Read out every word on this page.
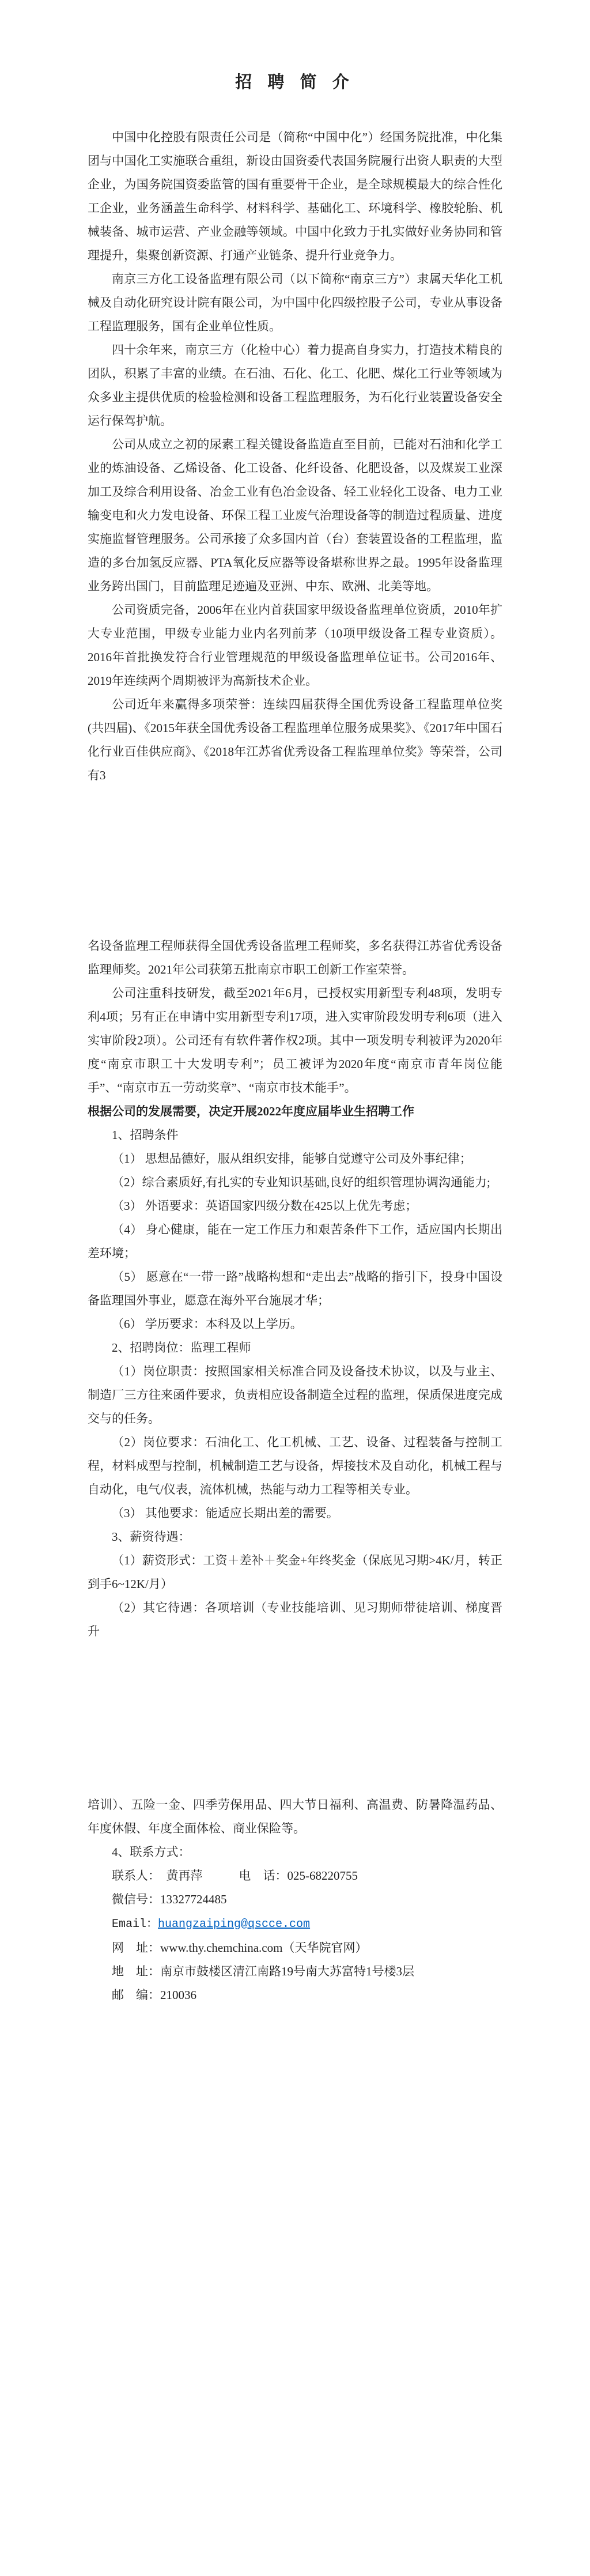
招 聘 简 介
中国中化控股有限责任公司是（简称“中国中化”）经国务院批准，中化集团与中国化工实施联合重组，新设由国资委代表国务院履行出资人职责的大型企业，为国务院国资委监管的国有重要骨干企业，是全球规模最大的综合性化工企业，业务涵盖生命科学、材料科学、基础化工、环境科学、橡胶轮胎、机械装备、城市运营、产业金融等领域。中国中化致力于扎实做好业务协同和管理提升，集聚创新资源、打通产业链条、提升行业竞争力。
南京三方化工设备监理有限公司（以下简称“南京三方”）隶属天华化工机械及自动化研究设计院有限公司，为中国中化四级控股子公司，专业从事设备工程监理服务，国有企业单位性质。
四十余年来，南京三方（化检中心）着力提高自身实力，打造技术精良的团队，积累了丰富的业绩。在石油、石化、化工、化肥、煤化工行业等领域为众多业主提供优质的检验检测和设备工程监理服务，为石化行业装置设备安全运行保驾护航。
公司从成立之初的尿素工程关键设备监造直至目前，已能对石油和化学工业的炼油设备、乙烯设备、化工设备、化纤设备、化肥设备，以及煤炭工业深加工及综合利用设备、冶金工业有色冶金设备、轻工业轻化工设备、电力工业输变电和火力发电设备、环保工程工业废气治理设备等的制造过程质量、进度实施监督管理服务。公司承接了众多国内首（台）套装置设备的工程监理，监造的多台加氢反应器、PTA氧化反应器等设备堪称世界之最。1995年设备监理业务跨出国门，目前监理足迹遍及亚洲、中东、欧洲、北美等地。
公司资质完备，2006年在业内首获国家甲级设备监理单位资质，2010年扩大专业范围，甲级专业能力业内名列前茅（10项甲级设备工程专业资质）。2016年首批换发符合行业管理规范的甲级设备监理单位证书。公司2016年、2019年连续两个周期被评为高新技术企业。
公司近年来赢得多项荣誉：连续四届获得全国优秀设备工程监理单位奖(共四届)、《2015年获全国优秀设备工程监理单位服务成果奖》、《2017年中国石化行业百佳供应商》、《2018年江苏省优秀设备工程监理单位奖》等荣誉，公司有3
名设备监理工程师获得全国优秀设备监理工程师奖，多名获得江苏省优秀设备监理师奖。2021年公司获第五批南京市职工创新工作室荣誉。
公司注重科技研发，截至2021年6月，已授权实用新型专利48项，发明专利4项；另有正在申请中实用新型专利17项，进入实审阶段发明专利6项（进入实审阶段2项）。公司还有有软件著作权2项。其中一项发明专利被评为2020年度“南京市职工十大发明专利”；员工被评为2020年度“南京市青年岗位能手”、“南京市五一劳动奖章”、“南京市技术能手”。
根据公司的发展需要，决定开展2022年度应届毕业生招聘工作
1、招聘条件
（1） 思想品德好，服从组织安排，能够自觉遵守公司及外事纪律；
（2）综合素质好,有扎实的专业知识基础,良好的组织管理协调沟通能力;
（3） 外语要求：英语国家四级分数在425以上优先考虑；
（4） 身心健康，能在一定工作压力和艰苦条件下工作，适应国内长期出差环境；
（5） 愿意在“一带一路”战略构想和“走出去”战略的指引下，投身中国设备监理国外事业，愿意在海外平台施展才华；
（6） 学历要求：本科及以上学历。
2、招聘岗位：监理工程师
（1）岗位职责：按照国家相关标准合同及设备技术协议，以及与业主、制造厂三方往来函件要求，负责相应设备制造全过程的监理，保质保进度完成交与的任务。
（2）岗位要求：石油化工、化工机械、工艺、设备、过程装备与控制工程，材料成型与控制，机械制造工艺与设备，焊接技术及自动化，机械工程与自动化，电气/仪表，流体机械，热能与动力工程等相关专业。
（3） 其他要求：能适应长期出差的需要。
3、薪资待遇：
（1）薪资形式：工资＋差补＋奖金+年终奖金（保底见习期>4K/月，转正到手6~12K/月）
（2）其它待遇：各项培训（专业技能培训、见习期师带徒培训、梯度晋升
培训）、五险一金、四季劳保用品、四大节日福利、高温费、防暑降温药品、年度休假、年度全面体检、商业保险等。
4、联系方式：
联系人：　黄再萍　　　电　话：025-68220755
微信号：13327724485
Email：huangzaiping@qscce.com
网　址：www.thy.chemchina.com（天华院官网）
地　址：南京市鼓楼区清江南路19号南大苏富特1号楼3层
邮　编：210036
